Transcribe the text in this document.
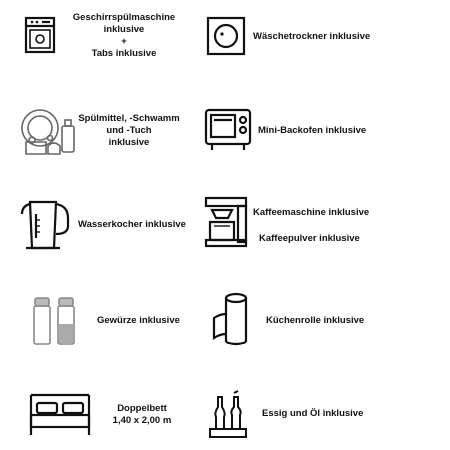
Geschirrspülmaschine
inklusive
+
Tabs inklusive
Wäschetrockner inklusive
Spülmittel, -Schwamm
und -Tuch
inklusive
Mini-Backofen inklusive
Wasserkocher inklusive
Kaffeemaschine inklusive
Kaffeepulver inklusive
Gewürze inklusive	Küchenrolle inklusive
Doppelbett
1,40 x 2,00 m
Essig und Öl inklusive
